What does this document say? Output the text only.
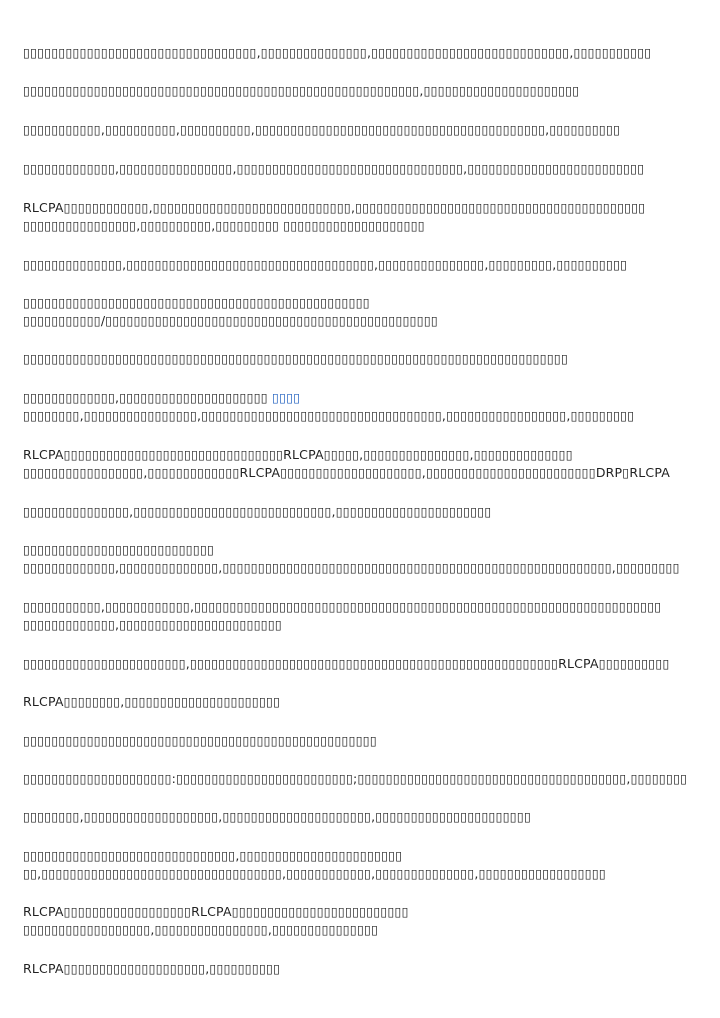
▯▯▯▯▯▯▯▯▯▯▯▯▯▯▯▯▯▯▯▯▯▯▯▯▯▯▯▯▯▯▯▯▯,▯▯▯▯▯▯▯▯▯▯▯▯▯▯▯,▯▯▯▯▯▯▯▯▯▯▯▯▯▯▯▯▯▯▯▯▯▯▯▯▯▯▯▯,▯▯▯▯▯▯▯▯▯▯▯
▯▯▯▯▯▯▯▯▯▯▯▯▯▯▯▯▯▯▯▯▯▯▯▯▯▯▯▯▯▯▯▯▯▯▯▯▯▯▯▯▯▯▯▯▯▯▯▯▯▯▯▯▯▯▯▯,▯▯▯▯▯▯▯▯▯▯▯▯▯▯▯▯▯▯▯▯▯▯
▯▯▯▯▯▯▯▯▯▯▯,▯▯▯▯▯▯▯▯▯▯,▯▯▯▯▯▯▯▯▯▯,▯▯▯▯▯▯▯▯▯▯▯▯▯▯▯▯▯▯▯▯▯▯▯▯▯▯▯▯▯▯▯▯▯▯▯▯▯▯▯▯▯,▯▯▯▯▯▯▯▯▯▯
▯▯▯▯▯▯▯▯▯▯▯▯▯,▯▯▯▯▯▯▯▯▯▯▯▯▯▯▯▯,▯▯▯▯▯▯▯▯▯▯▯▯▯▯▯▯▯▯▯▯▯▯▯▯▯▯▯▯▯▯▯▯,▯▯▯▯▯▯▯▯▯▯▯▯▯▯▯▯▯▯▯▯▯▯▯▯▯
RLCPA▯▯▯▯▯▯▯▯▯▯▯▯,▯▯▯▯▯▯▯▯▯▯▯▯▯▯▯▯▯▯▯▯▯▯▯▯▯▯▯▯,▯▯▯▯▯▯▯▯▯▯▯▯▯▯▯▯▯▯▯▯▯▯▯▯▯▯▯▯▯▯▯▯▯▯▯▯▯▯▯▯▯
▯▯▯▯▯▯▯▯▯▯▯▯▯▯▯▯,▯▯▯▯▯▯▯▯▯▯,▯▯▯▯▯▯▯▯▯ ▯▯▯▯▯▯▯▯▯▯▯▯▯▯▯▯▯▯▯▯
▯▯▯▯▯▯▯▯▯▯▯▯▯▯,▯▯▯▯▯▯▯▯▯▯▯▯▯▯▯▯▯▯▯▯▯▯▯▯▯▯▯▯▯▯▯▯▯▯▯,▯▯▯▯▯▯▯▯▯▯▯▯▯▯▯,▯▯▯▯▯▯▯▯▯,▯▯▯▯▯▯▯▯▯▯
▯▯▯▯▯▯▯▯▯▯▯▯▯▯▯▯▯▯▯▯▯▯▯▯▯▯▯▯▯▯▯▯▯▯▯▯▯▯▯▯▯▯▯▯▯▯▯▯▯
▯▯▯▯▯▯▯▯▯▯▯/▯▯▯▯▯▯▯▯▯▯▯▯▯▯▯▯▯▯▯▯▯▯▯▯▯▯▯▯▯▯▯▯▯▯▯▯▯▯▯▯▯▯▯▯▯▯▯
▯▯▯▯▯▯▯▯▯▯▯▯▯▯▯▯▯▯▯▯▯▯▯▯▯▯▯▯▯▯▯▯▯▯▯▯▯▯▯▯▯▯▯▯▯▯▯▯▯▯▯▯▯▯▯▯▯▯▯▯▯▯▯▯▯▯▯▯▯▯▯▯▯▯▯▯▯
▯▯▯▯▯▯▯▯▯▯▯▯▯,▯▯▯▯▯▯▯▯▯▯▯▯▯▯▯▯▯▯▯▯▯ ▯▯▯▯
▯▯▯▯▯▯▯▯,▯▯▯▯▯▯▯▯▯▯▯▯▯▯▯▯,▯▯▯▯▯▯▯▯▯▯▯▯▯▯▯▯▯▯▯▯▯▯▯▯▯▯▯▯▯▯▯▯▯▯,▯▯▯▯▯▯▯▯▯▯▯▯▯▯▯▯▯,▯▯▯▯▯▯▯▯▯
RLCPA▯▯▯▯▯▯▯▯▯▯▯▯▯▯▯▯▯▯▯▯▯▯▯▯▯▯▯▯▯▯▯RLCPA▯▯▯▯▯,▯▯▯▯▯▯▯▯▯▯▯▯▯▯▯,▯▯▯▯▯▯▯▯▯▯▯▯▯▯
▯▯▯▯▯▯▯▯▯▯▯▯▯▯▯▯▯,▯▯▯▯▯▯▯▯▯▯▯▯▯RLCPA▯▯▯▯▯▯▯▯▯▯▯▯▯▯▯▯▯▯▯▯,▯▯▯▯▯▯▯▯▯▯▯▯▯▯▯▯▯▯▯▯▯▯▯▯DRP▯RLCPA
▯▯▯▯▯▯▯▯▯▯▯▯▯▯▯,▯▯▯▯▯▯▯▯▯▯▯▯▯▯▯▯▯▯▯▯▯▯▯▯▯▯▯▯,▯▯▯▯▯▯▯▯▯▯▯▯▯▯▯▯▯▯▯▯▯▯
▯▯▯▯▯▯▯▯▯▯▯▯▯▯▯▯▯▯▯▯▯▯▯▯▯▯▯
▯▯▯▯▯▯▯▯▯▯▯▯▯,▯▯▯▯▯▯▯▯▯▯▯▯▯▯,▯▯▯▯▯▯▯▯▯▯▯▯▯▯▯▯▯▯▯▯▯▯▯▯▯▯▯▯▯▯▯▯▯▯▯▯▯▯▯▯▯▯▯▯▯▯▯▯▯▯▯▯▯▯▯,▯▯▯▯▯▯▯▯▯
▯▯▯▯▯▯▯▯▯▯▯,▯▯▯▯▯▯▯▯▯▯▯▯,▯▯▯▯▯▯▯▯▯▯▯▯▯▯▯▯▯▯▯▯▯▯▯▯▯▯▯▯▯▯▯▯▯▯▯▯▯▯▯▯▯▯▯▯▯▯▯▯▯▯▯▯▯▯▯▯▯▯▯▯▯▯▯▯▯▯
▯▯▯▯▯▯▯▯▯▯▯▯▯,▯▯▯▯▯▯▯▯▯▯▯▯▯▯▯▯▯▯▯▯▯▯▯
▯▯▯▯▯▯▯▯▯▯▯▯▯▯▯▯▯▯▯▯▯▯▯,▯▯▯▯▯▯▯▯▯▯▯▯▯▯▯▯▯▯▯▯▯▯▯▯▯▯▯▯▯▯▯▯▯▯▯▯▯▯▯▯▯▯▯▯▯▯▯▯▯▯▯▯RLCPA▯▯▯▯▯▯▯▯▯▯
RLCPA▯▯▯▯▯▯▯▯,▯▯▯▯▯▯▯▯▯▯▯▯▯▯▯▯▯▯▯▯▯▯
▯▯▯▯▯▯▯▯▯▯▯▯▯▯▯▯▯▯▯▯▯▯▯▯▯▯▯▯▯▯▯▯▯▯▯▯▯▯▯▯▯▯▯▯▯▯▯▯▯▯
▯▯▯▯▯▯▯▯▯▯▯▯▯▯▯▯▯▯▯▯▯:▯▯▯▯▯▯▯▯▯▯▯▯▯▯▯▯▯▯▯▯▯▯▯▯▯;▯▯▯▯▯▯▯▯▯▯▯▯▯▯▯▯▯▯▯▯▯▯▯▯▯▯▯▯▯▯▯▯▯▯▯▯▯▯,▯▯▯▯▯▯▯▯
▯▯▯▯▯▯▯▯,▯▯▯▯▯▯▯▯▯▯▯▯▯▯▯▯▯▯▯,▯▯▯▯▯▯▯▯▯▯▯▯▯▯▯▯▯▯▯▯▯,▯▯▯▯▯▯▯▯▯▯▯▯▯▯▯▯▯▯▯▯▯▯
▯▯▯▯▯▯▯▯▯▯▯▯▯▯▯▯▯▯▯▯▯▯▯▯▯▯▯▯▯▯,▯▯▯▯▯▯▯▯▯▯▯▯▯▯▯▯▯▯▯▯▯▯▯
▯▯,▯▯▯▯▯▯▯▯▯▯▯▯▯▯▯▯▯▯▯▯▯▯▯▯▯▯▯▯▯▯▯▯▯▯,▯▯▯▯▯▯▯▯▯▯▯▯,▯▯▯▯▯▯▯▯▯▯▯▯▯▯,▯▯▯▯▯▯▯▯▯▯▯▯▯▯▯▯▯▯
RLCPA▯▯▯▯▯▯▯▯▯▯▯▯▯▯▯▯▯▯RLCPA▯▯▯▯▯▯▯▯▯▯▯▯▯▯▯▯▯▯▯▯▯▯▯▯▯
▯▯▯▯▯▯▯▯▯▯▯▯▯▯▯▯▯▯,▯▯▯▯▯▯▯▯▯▯▯▯▯▯▯▯,▯▯▯▯▯▯▯▯▯▯▯▯▯▯▯
RLCPA▯▯▯▯▯▯▯▯▯▯▯▯▯▯▯▯▯▯▯▯,▯▯▯▯▯▯▯▯▯▯
